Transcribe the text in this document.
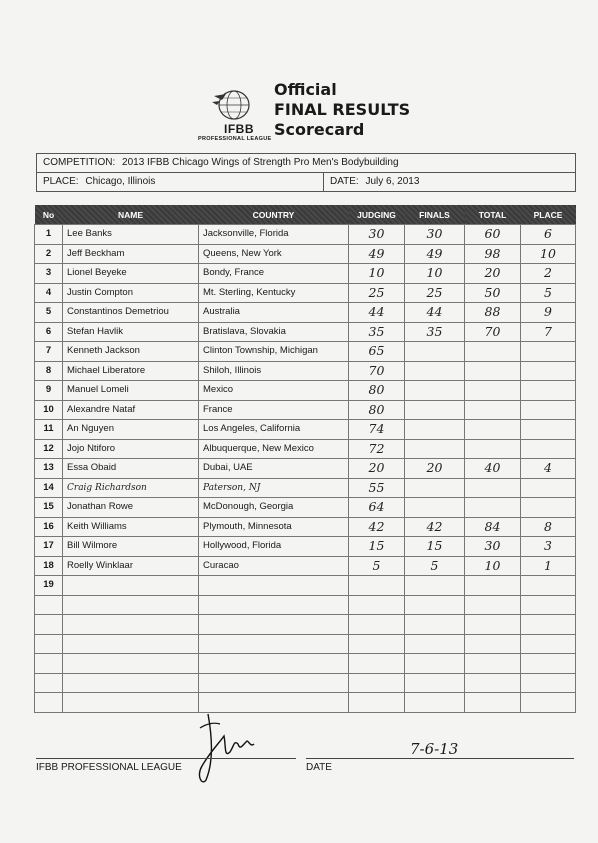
IFBB
PROFESSIONAL LEAGUE
Official
FINAL RESULTS
Scorecard
COMPETITION: 2013 IFBB Chicago Wings of Strength Pro Men's Bodybuilding
PLACE: Chicago, Illinois	DATE: July 6, 2013
No	NAME	COUNTRY	JUDGING	FINALS	TOTAL	PLACE
1	Lee Banks	Jacksonville, Florida	30	30	60	6
2	Jeff Beckham	Queens, New York	49	49	98	10
3	Lionel Beyeke	Bondy, France	10	10	20	2
4	Justin Compton	Mt. Sterling, Kentucky	25	25	50	5
5	Constantinos Demetriou	Australia	44	44	88	9
6	Stefan Havlik	Bratislava, Slovakia	35	35	70	7
7	Kenneth Jackson	Clinton Township, Michigan	65			
8	Michael Liberatore	Shiloh, Illinois	70			
9	Manuel Lomeli	Mexico	80			
10	Alexandre Nataf	France	80			
11	An Nguyen	Los Angeles, California	74			
12	Jojo Ntiforo	Albuquerque, New Mexico	72			
13	Essa Obaid	Dubai, UAE	20	20	40	4
14	Craig Richardson	Paterson, NJ	55			
15	Jonathan Rowe	McDonough, Georgia	64			
16	Keith Williams	Plymouth, Minnesota	42	42	84	8
17	Bill Wilmore	Hollywood, Florida	15	15	30	3
18	Roelly Winklaar	Curacao	5	5	10	1
19						

7-6-13
IFBB PROFESSIONAL LEAGUE	DATE
